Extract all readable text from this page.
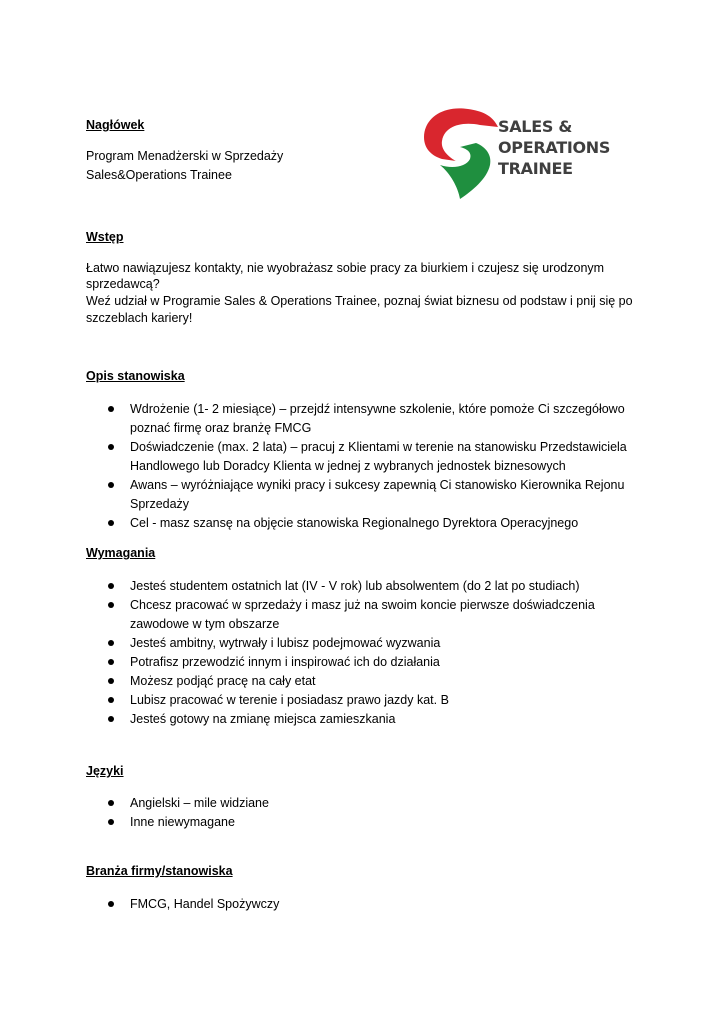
SALES &
OPERATIONS
TRAINEE
Nagłówek
Program Menadżerski w Sprzedaży
Sales&Operations Trainee
Wstęp
Łatwo nawiązujesz kontakty, nie wyobrażasz sobie pracy za biurkiem i czujesz się urodzonym
sprzedawcą?
Weź udział w Programie Sales & Operations Trainee, poznaj świat biznesu od podstaw i pnij się po
szczeblach kariery!
Opis stanowiska
Wdrożenie (1- 2 miesiące) – przejdź intensywne szkolenie, które pomoże Ci szczegółowo poznać firmę oraz branżę FMCG
Doświadczenie (max. 2 lata) – pracuj z Klientami w terenie na stanowisku Przedstawiciela Handlowego lub Doradcy Klienta w jednej z wybranych jednostek biznesowych
Awans – wyróżniające wyniki pracy i sukcesy zapewnią Ci stanowisko Kierownika Rejonu Sprzedaży
Cel - masz szansę na objęcie stanowiska Regionalnego Dyrektora Operacyjnego
Wymagania
Jesteś studentem ostatnich lat (IV - V rok) lub absolwentem (do 2 lat po studiach)
Chcesz pracować w sprzedaży i masz już na swoim koncie pierwsze doświadczenia zawodowe w tym obszarze
Jesteś ambitny, wytrwały i lubisz podejmować wyzwania
Potrafisz przewodzić innym i inspirować ich do działania
Możesz podjąć pracę na cały etat
Lubisz pracować w terenie i posiadasz prawo jazdy kat. B
Jesteś gotowy na zmianę miejsca zamieszkania
Języki
Angielski – mile widziane
Inne niewymagane
Branża firmy/stanowiska
FMCG, Handel Spożywczy
